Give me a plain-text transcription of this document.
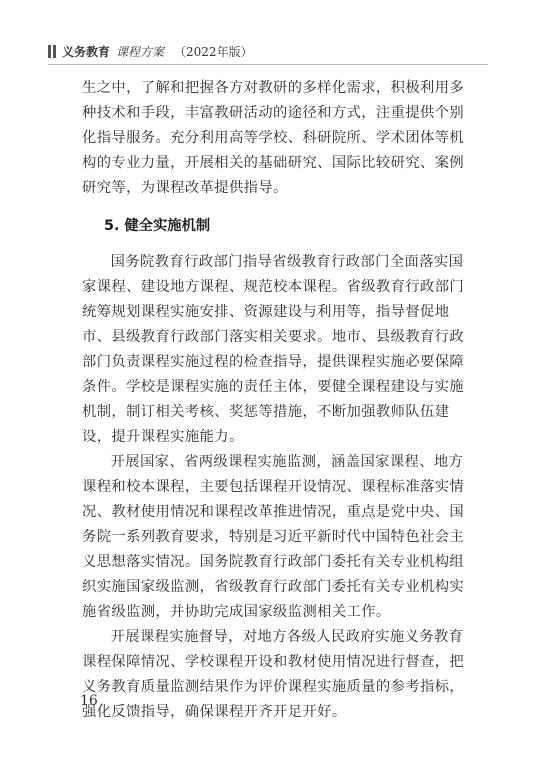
义务教育 课程方案 （2022年版）

生之中，了解和把握各方对教研的多样化需求，积极利用多种技术和手段，丰富教研活动的途径和方式，注重提供个别化指导服务。充分利用高等学校、科研院所、学术团体等机构的专业力量，开展相关的基础研究、国际比较研究、案例研究等，为课程改革提供指导。

5. 健全实施机制

国务院教育行政部门指导省级教育行政部门全面落实国家课程、建设地方课程、规范校本课程。省级教育行政部门统筹规划课程实施安排、资源建设与利用等，指导督促地市、县级教育行政部门落实相关要求。地市、县级教育行政部门负责课程实施过程的检查指导，提供课程实施必要保障条件。学校是课程实施的责任主体，要健全课程建设与实施机制，制订相关考核、奖惩等措施，不断加强教师队伍建设，提升课程实施能力。

开展国家、省两级课程实施监测，涵盖国家课程、地方课程和校本课程，主要包括课程开设情况、课程标准落实情况、教材使用情况和课程改革推进情况，重点是党中央、国务院一系列教育要求，特别是习近平新时代中国特色社会主义思想落实情况。国务院教育行政部门委托有关专业机构组织实施国家级监测，省级教育行政部门委托有关专业机构实施省级监测，并协助完成国家级监测相关工作。

开展课程实施督导，对地方各级人民政府实施义务教育课程保障情况、学校课程开设和教材使用情况进行督查，把义务教育质量监测结果作为评价课程实施质量的参考指标，强化反馈指导，确保课程开齐开足开好。

16
